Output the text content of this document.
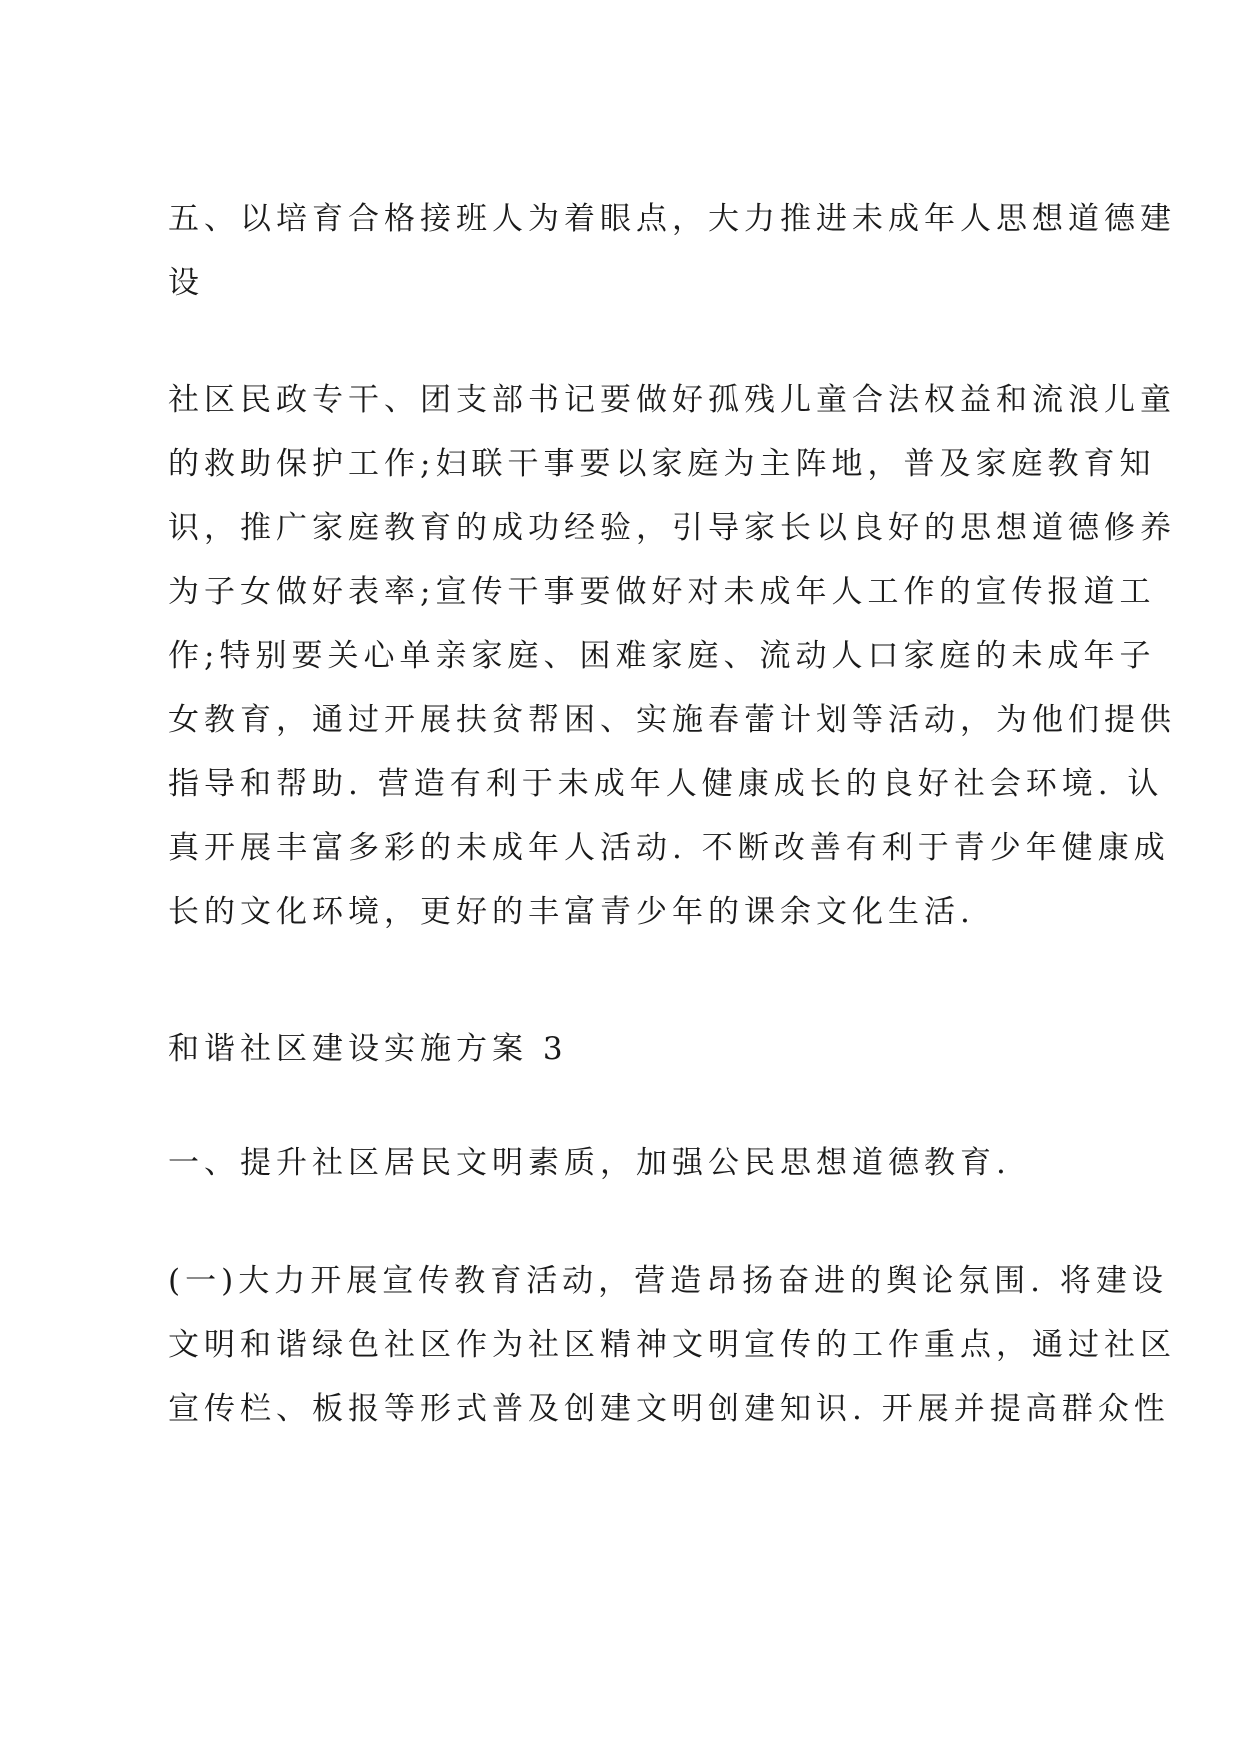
五、以培育合格接班人为着眼点，大力推进未成年人思想道德建
设
社区民政专干、团支部书记要做好孤残儿童合法权益和流浪儿童
的救助保护工作;妇联干事要以家庭为主阵地，普及家庭教育知
识，推广家庭教育的成功经验，引导家长以良好的思想道德修养
为子女做好表率;宣传干事要做好对未成年人工作的宣传报道工
作;特别要关心单亲家庭、困难家庭、流动人口家庭的未成年子
女教育，通过开展扶贫帮困、实施春蕾计划等活动，为他们提供
指导和帮助. 营造有利于未成年人健康成长的良好社会环境. 认
真开展丰富多彩的未成年人活动. 不断改善有利于青少年健康成
长的文化环境，更好的丰富青少年的课余文化生活.

和谐社区建设实施方案 3

一、提升社区居民文明素质，加强公民思想道德教育.

(一)大力开展宣传教育活动，营造昂扬奋进的舆论氛围. 将建设
文明和谐绿色社区作为社区精神文明宣传的工作重点，通过社区
宣传栏、板报等形式普及创建文明创建知识. 开展并提高群众性
